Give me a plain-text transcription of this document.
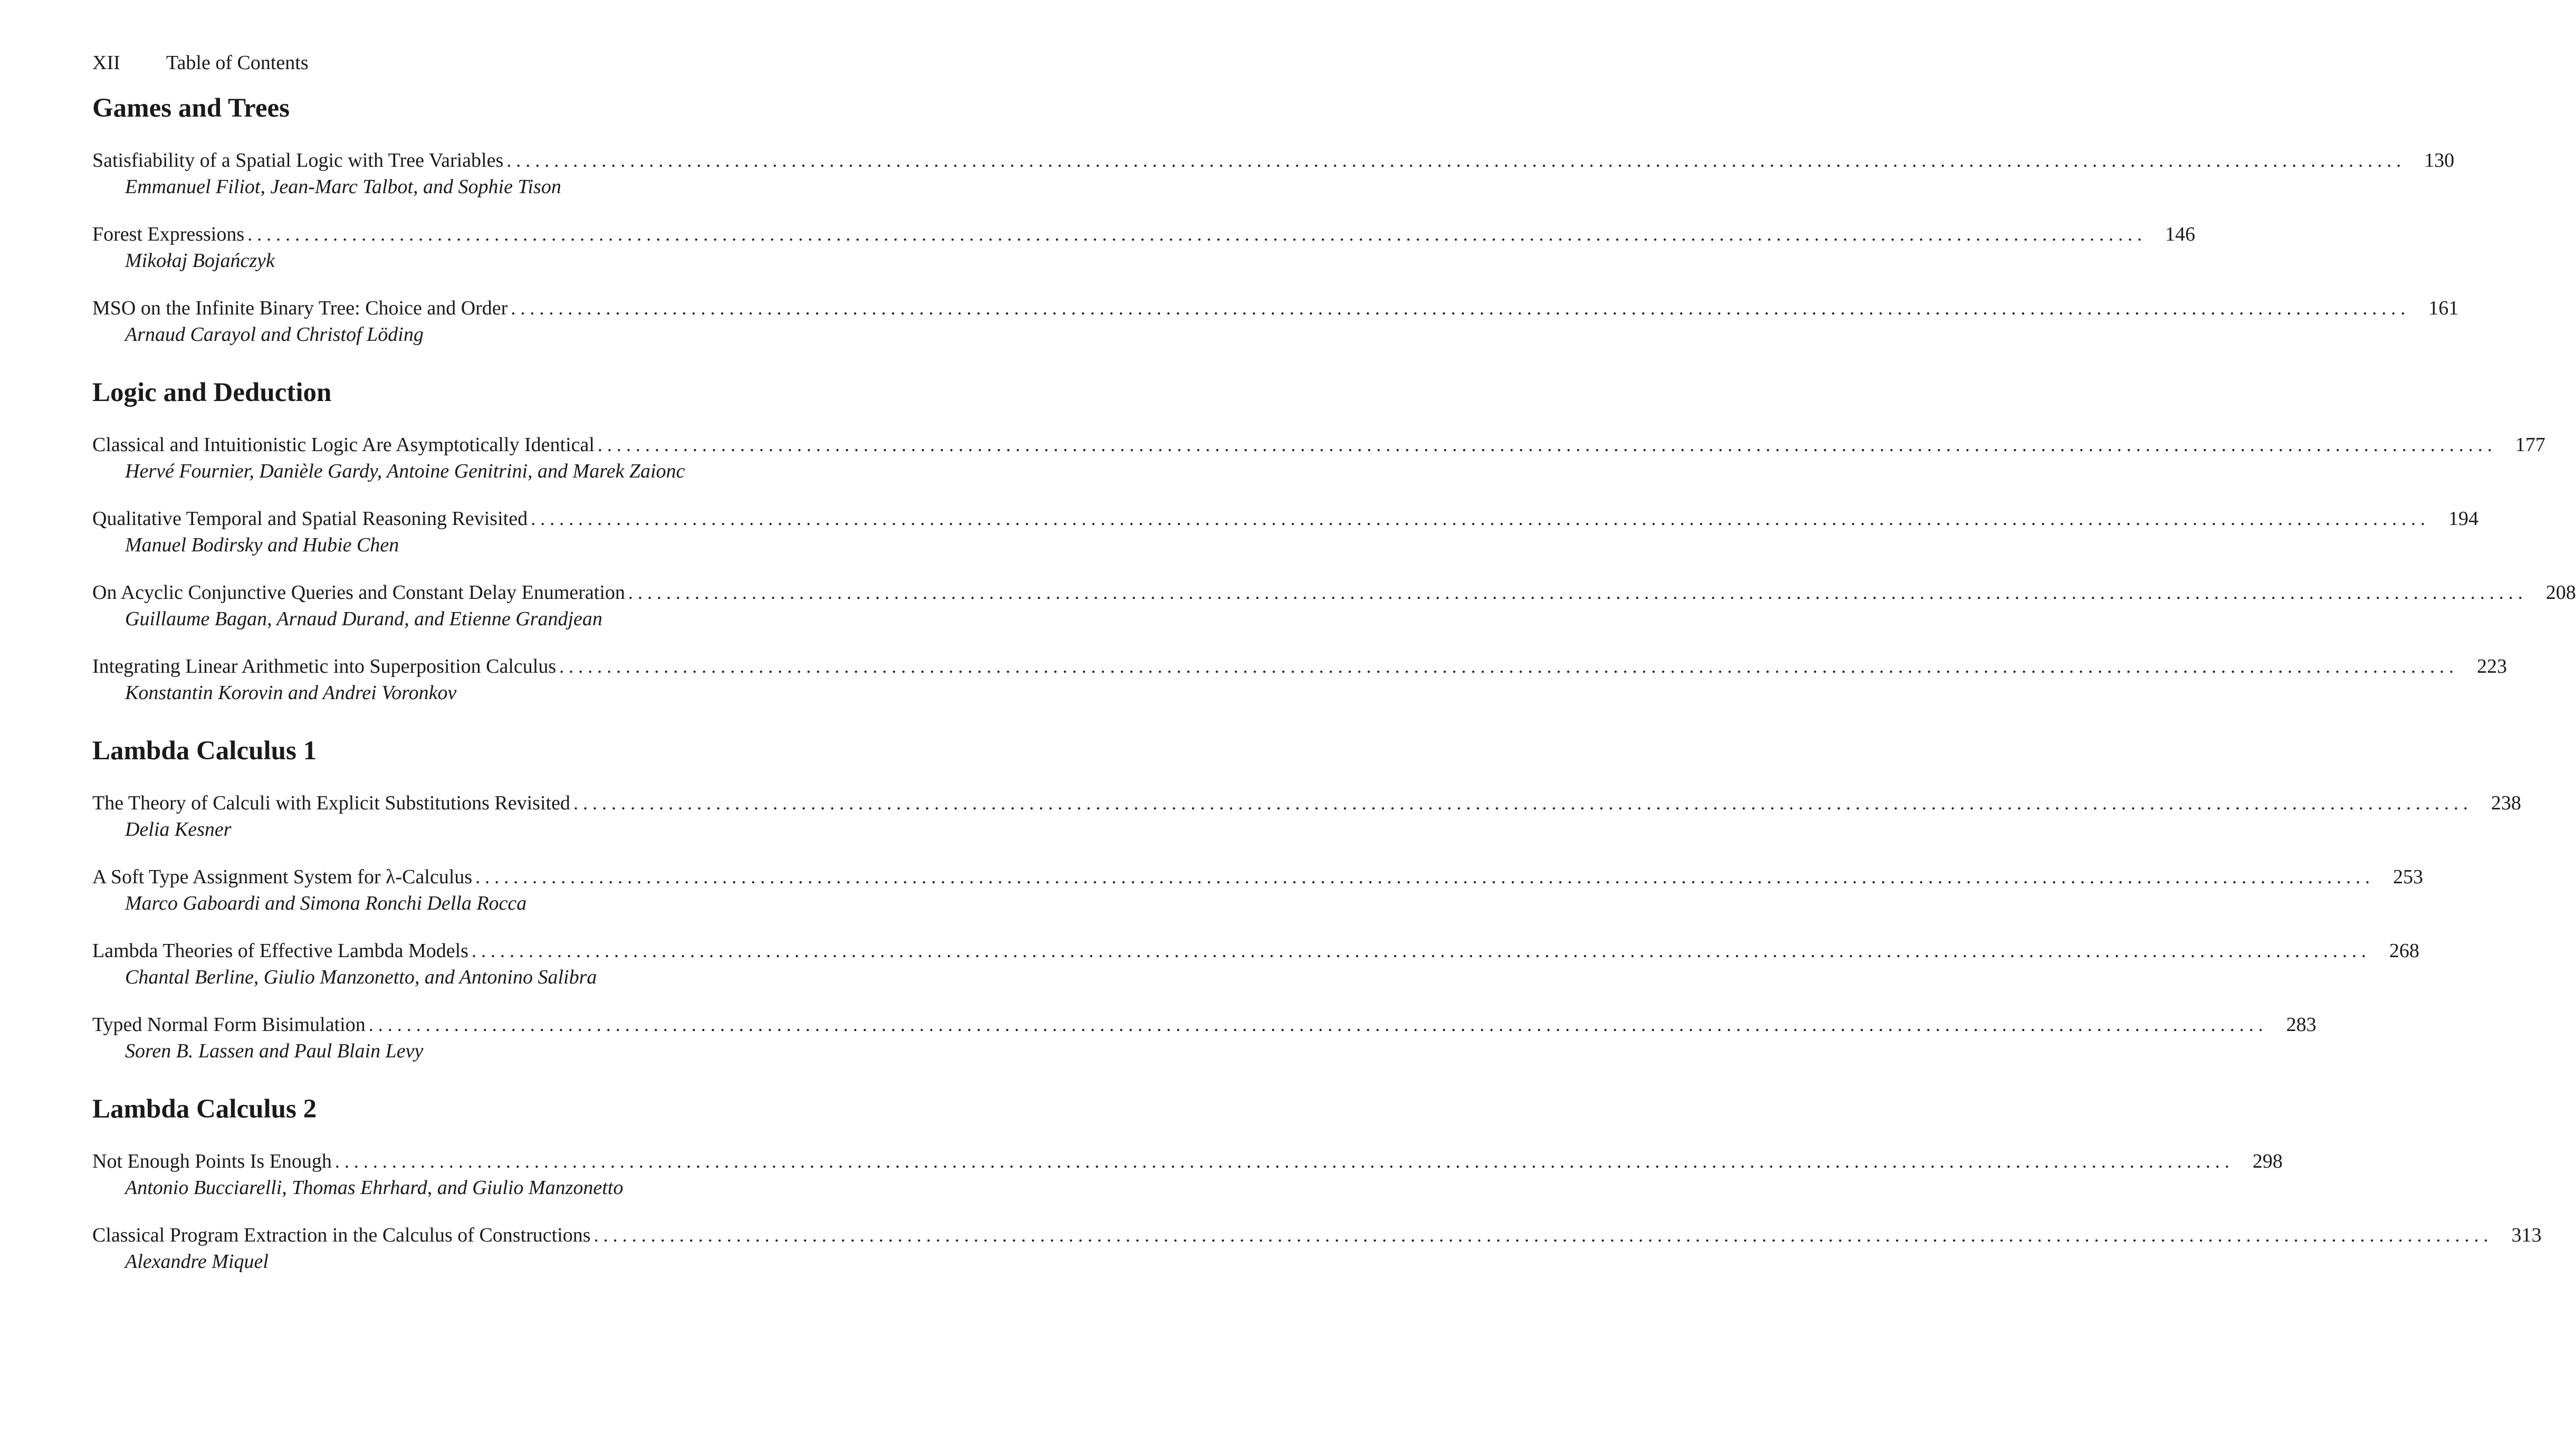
XII	Table of Contents
Games and Trees
Satisfiability of a Spatial Logic with Tree Variables ........................................................................................................................................................................................................ 130
Emmanuel Filiot, Jean-Marc Talbot, and Sophie Tison
Forest Expressions ........................................................................................................................................................................................................ 146
Mikołaj Bojańczyk
MSO on the Infinite Binary Tree: Choice and Order ........................................................................................................................................................................................................ 161
Arnaud Carayol and Christof Löding
Logic and Deduction
Classical and Intuitionistic Logic Are Asymptotically Identical ........................................................................................................................................................................................................ 177
Hervé Fournier, Danièle Gardy, Antoine Genitrini, and Marek Zaionc
Qualitative Temporal and Spatial Reasoning Revisited ........................................................................................................................................................................................................ 194
Manuel Bodirsky and Hubie Chen
On Acyclic Conjunctive Queries and Constant Delay Enumeration ........................................................................................................................................................................................................ 208
Guillaume Bagan, Arnaud Durand, and Etienne Grandjean
Integrating Linear Arithmetic into Superposition Calculus ........................................................................................................................................................................................................ 223
Konstantin Korovin and Andrei Voronkov
Lambda Calculus 1
The Theory of Calculi with Explicit Substitutions Revisited ........................................................................................................................................................................................................ 238
Delia Kesner
A Soft Type Assignment System for λ-Calculus ........................................................................................................................................................................................................ 253
Marco Gaboardi and Simona Ronchi Della Rocca
Lambda Theories of Effective Lambda Models ........................................................................................................................................................................................................ 268
Chantal Berline, Giulio Manzonetto, and Antonino Salibra
Typed Normal Form Bisimulation ........................................................................................................................................................................................................ 283
Soren B. Lassen and Paul Blain Levy
Lambda Calculus 2
Not Enough Points Is Enough ........................................................................................................................................................................................................ 298
Antonio Bucciarelli, Thomas Ehrhard, and Giulio Manzonetto
Classical Program Extraction in the Calculus of Constructions ........................................................................................................................................................................................................ 313
Alexandre Miquel
